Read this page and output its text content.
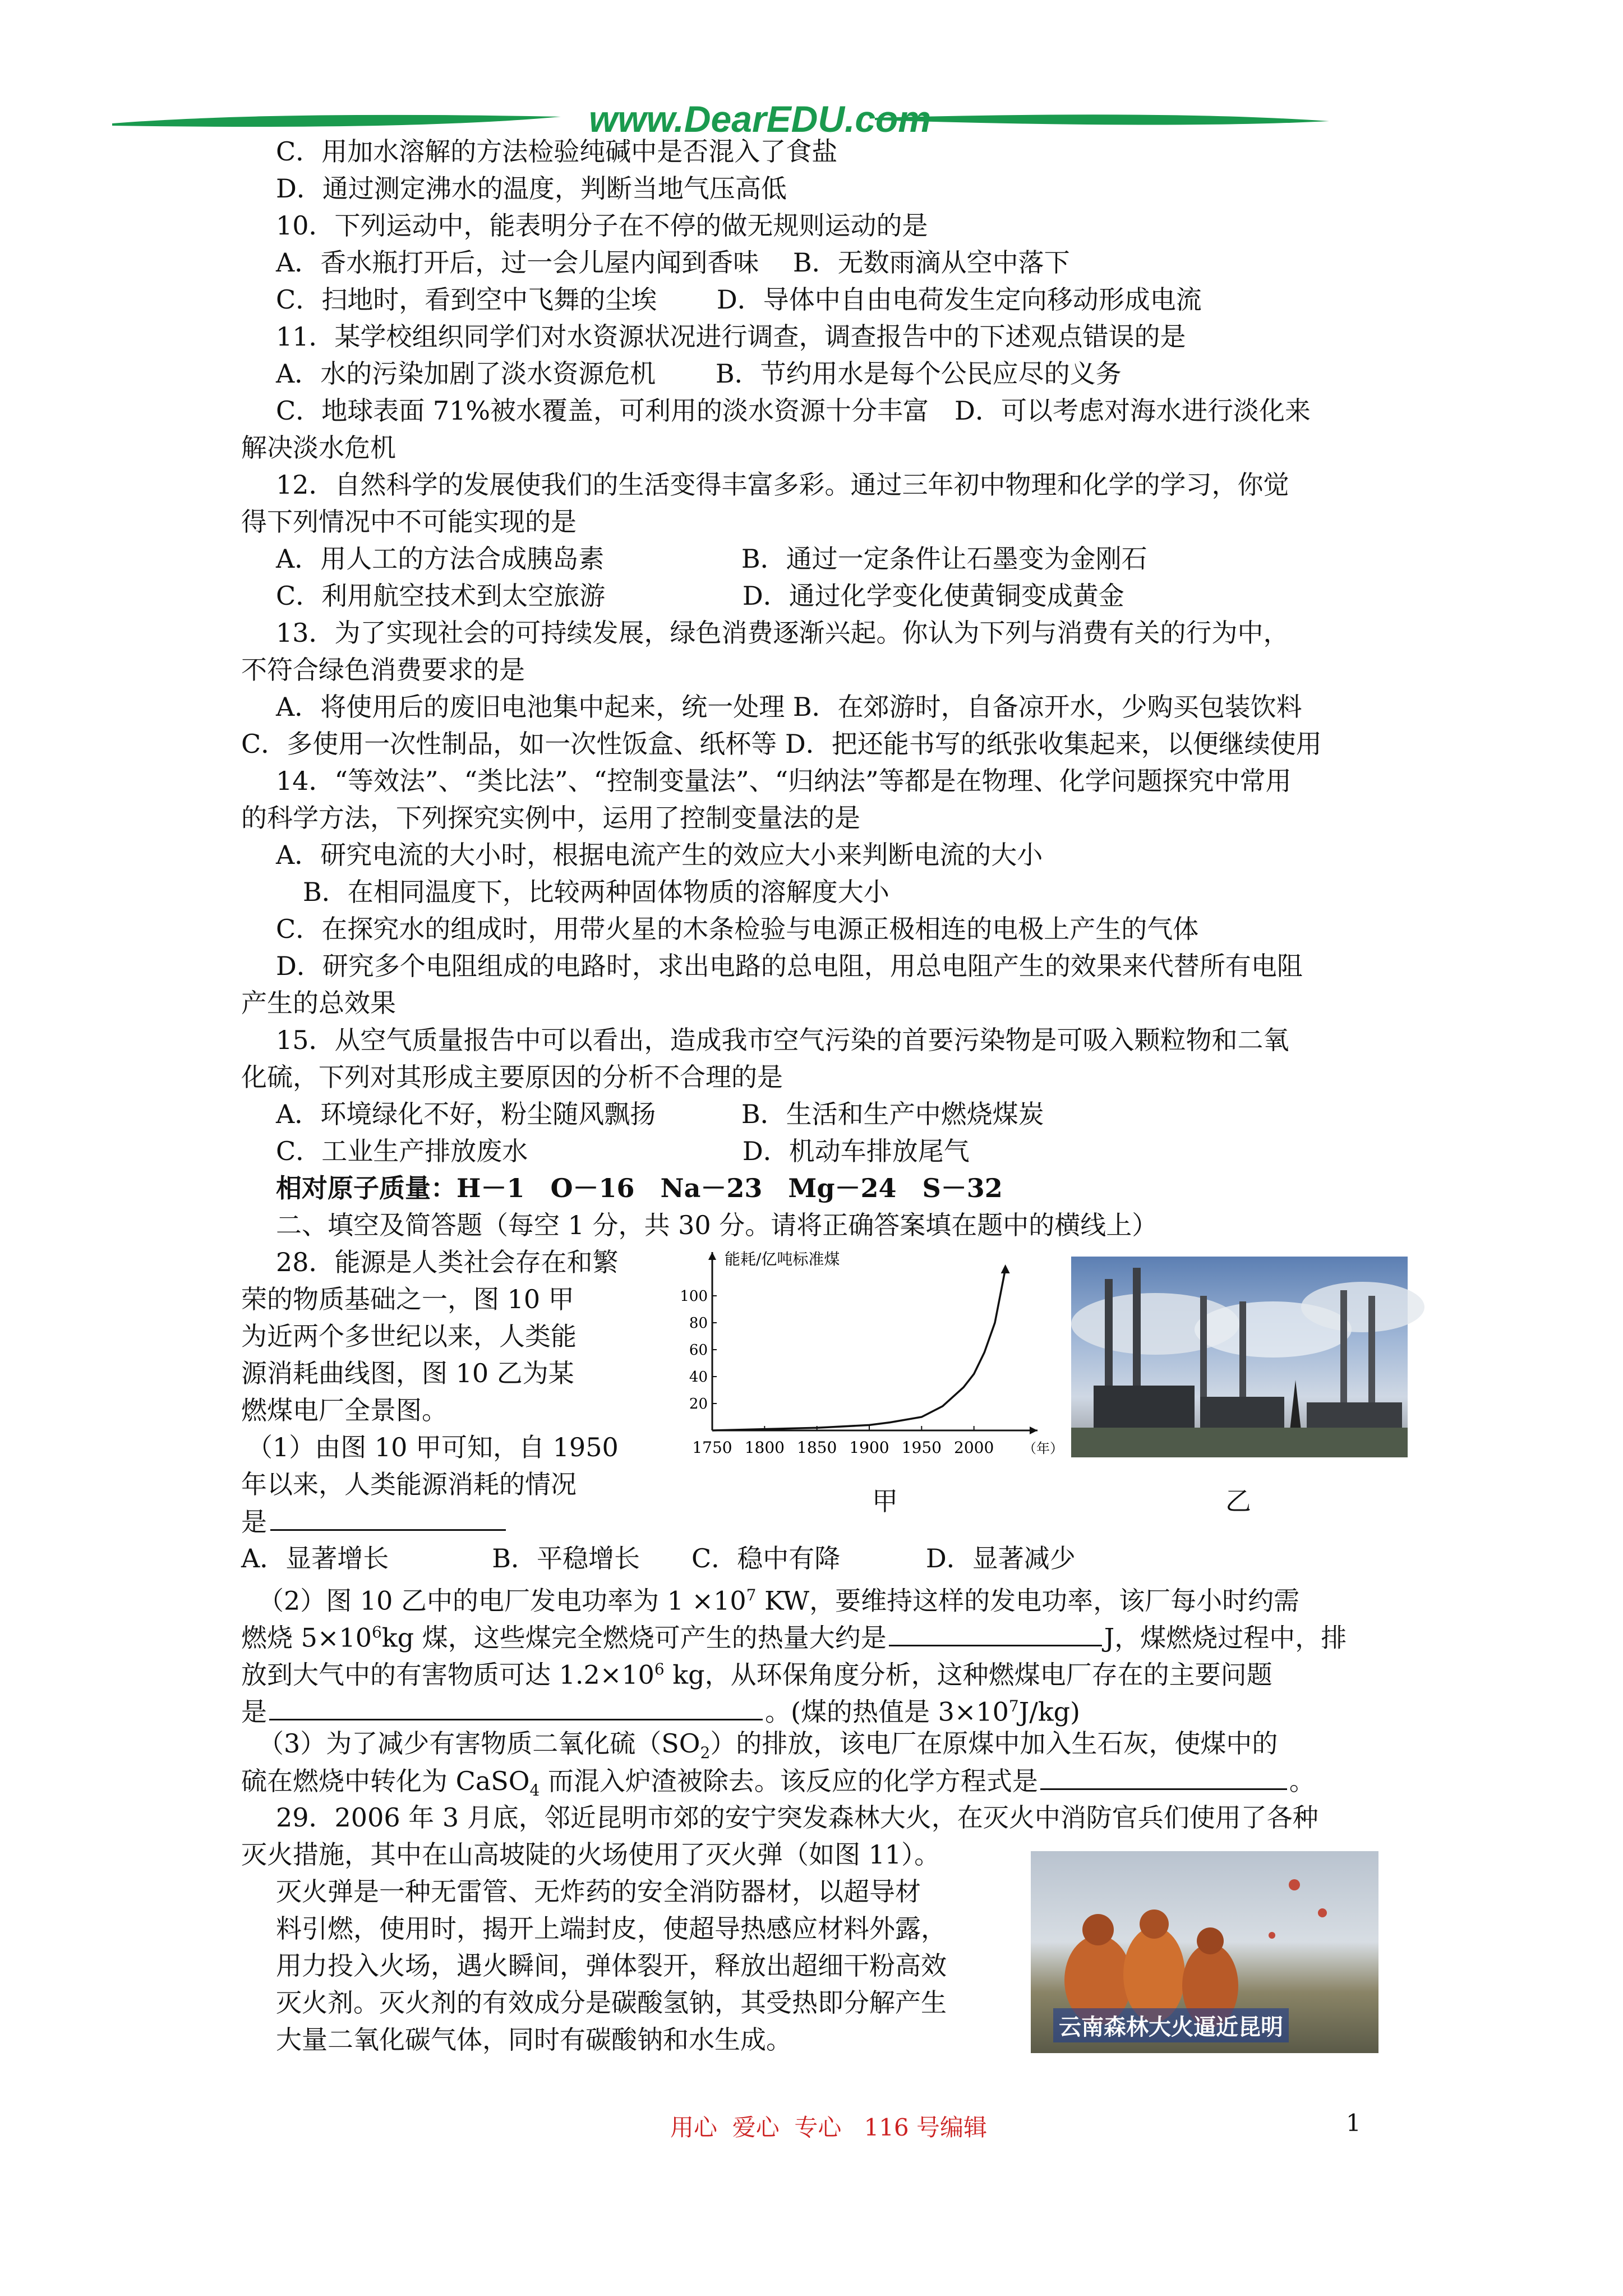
www.DearEDU.com
C．用加水溶解的方法检验纯碱中是否混入了食盐
D．通过测定沸水的温度，判断当地气压高低
10．下列运动中，能表明分子在不停的做无规则运动的是
A．香水瓶打开后，过一会儿屋内闻到香味　 B．无数雨滴从空中落下
C．扫地时，看到空中飞舞的尘埃　 　D．导体中自由电荷发生定向移动形成电流
11．某学校组织同学们对水资源状况进行调查，调查报告中的下述观点错误的是
A．水的污染加剧了淡水资源危机　　 B．节约用水是每个公民应尽的义务
C．地球表面 71%被水覆盖，可利用的淡水资源十分丰富　D．可以考虑对海水进行淡化来
解决淡水危机
12．自然科学的发展使我们的生活变得丰富多彩。通过三年初中物理和化学的学习，你觉
得下列情况中不可能实现的是
A．用人工的方法合成胰岛素　　　　　 B．通过一定条件让石墨变为金刚石
C．利用航空技术到太空旅游　　　　　 D．通过化学变化使黄铜变成黄金
13．为了实现社会的可持续发展，绿色消费逐渐兴起。你认为下列与消费有关的行为中，
不符合绿色消费要求的是
A．将使用后的废旧电池集中起来，统一处理 B．在郊游时，自备凉开水，少购买包装饮料
C．多使用一次性制品，如一次性饭盒、纸杯等 D．把还能书写的纸张收集起来，以便继续使用
14．“等效法”、“类比法”、“控制变量法”、“归纳法”等都是在物理、化学问题探究中常用
的科学方法，下列探究实例中，运用了控制变量法的是
A．研究电流的大小时，根据电流产生的效应大小来判断电流的大小
B．在相同温度下，比较两种固体物质的溶解度大小
C．在探究水的组成时，用带火星的木条检验与电源正极相连的电极上产生的气体
D．研究多个电阻组成的电路时，求出电路的总电阻，用总电阻产生的效果来代替所有电阻
产生的总效果
15．从空气质量报告中可以看出，造成我市空气污染的首要污染物是可吸入颗粒物和二氧
化硫，下列对其形成主要原因的分析不合理的是
A．环境绿化不好，粉尘随风飘扬　　　 B．生活和生产中燃烧煤炭
C．工业生产排放废水　　　　　　　　 D．机动车排放尾气
相对原子质量：H－1　O－16　Na－23　Mg－24　S－32
二、填空及简答题（每空 1 分，共 30 分。请将正确答案填在题中的横线上）
28．能源是人类社会存在和繁
荣的物质基础之一，图 10 甲
为近两个多世纪以来，人类能
源消耗曲线图，图 10 乙为某
燃煤电厂全景图。
（1）由图 10 甲可知，自 1950
年以来，人类能源消耗的情况
是
A．显著增长　　　　B．平稳增长　　C．稳中有降　　　 D．显著减少
20
40
60
80
100
1750 1800 1850 1900 1950 2000
能耗/亿吨标准煤
（年）
甲	乙
（2）图 10 乙中的电厂发电功率为 $1 \times 10^7$ KW，要维持这样的发电功率，该厂每小时约需
燃烧 $5\times 10^6kg$ 煤，这些煤完全燃烧可产生的热量大约是	J，煤燃烧过程中，排
放到大气中的有害物质可达 $1.2\times 10^6$ kg，从环保角度分析，这种燃煤电厂存在的主要问题
是	。(煤的热值是 $3\times 10^7J/kg$)
（3）为了减少有害物质二氧化硫$(SO_2)$的排放，该电厂在原煤中加入生石灰，使煤中的
硫在燃烧中转化为 CaSO$_4$ 而混入炉渣被除去。该反应的化学方程式是	。
29．2006 年 3 月底，邻近昆明市郊的安宁突发森林大火，在灭火中消防官兵们使用了各种
灭火措施，其中在山高坡陡的火场使用了灭火弹（如图 11）。
灭火弹是一种无雷管、无炸药的安全消防器材，以超导材
料引燃，使用时，揭开上端封皮，使超导热感应材料外露，
用力投入火场，遇火瞬间，弹体裂开，释放出超细干粉高效
灭火剂。灭火剂的有效成分是碳酸氢钠，其受热即分解产生
大量二氧化碳气体，同时有碳酸钠和水生成。	云南森林大火逼近昆明
用心  爱心  专心   116 号编辑	1
